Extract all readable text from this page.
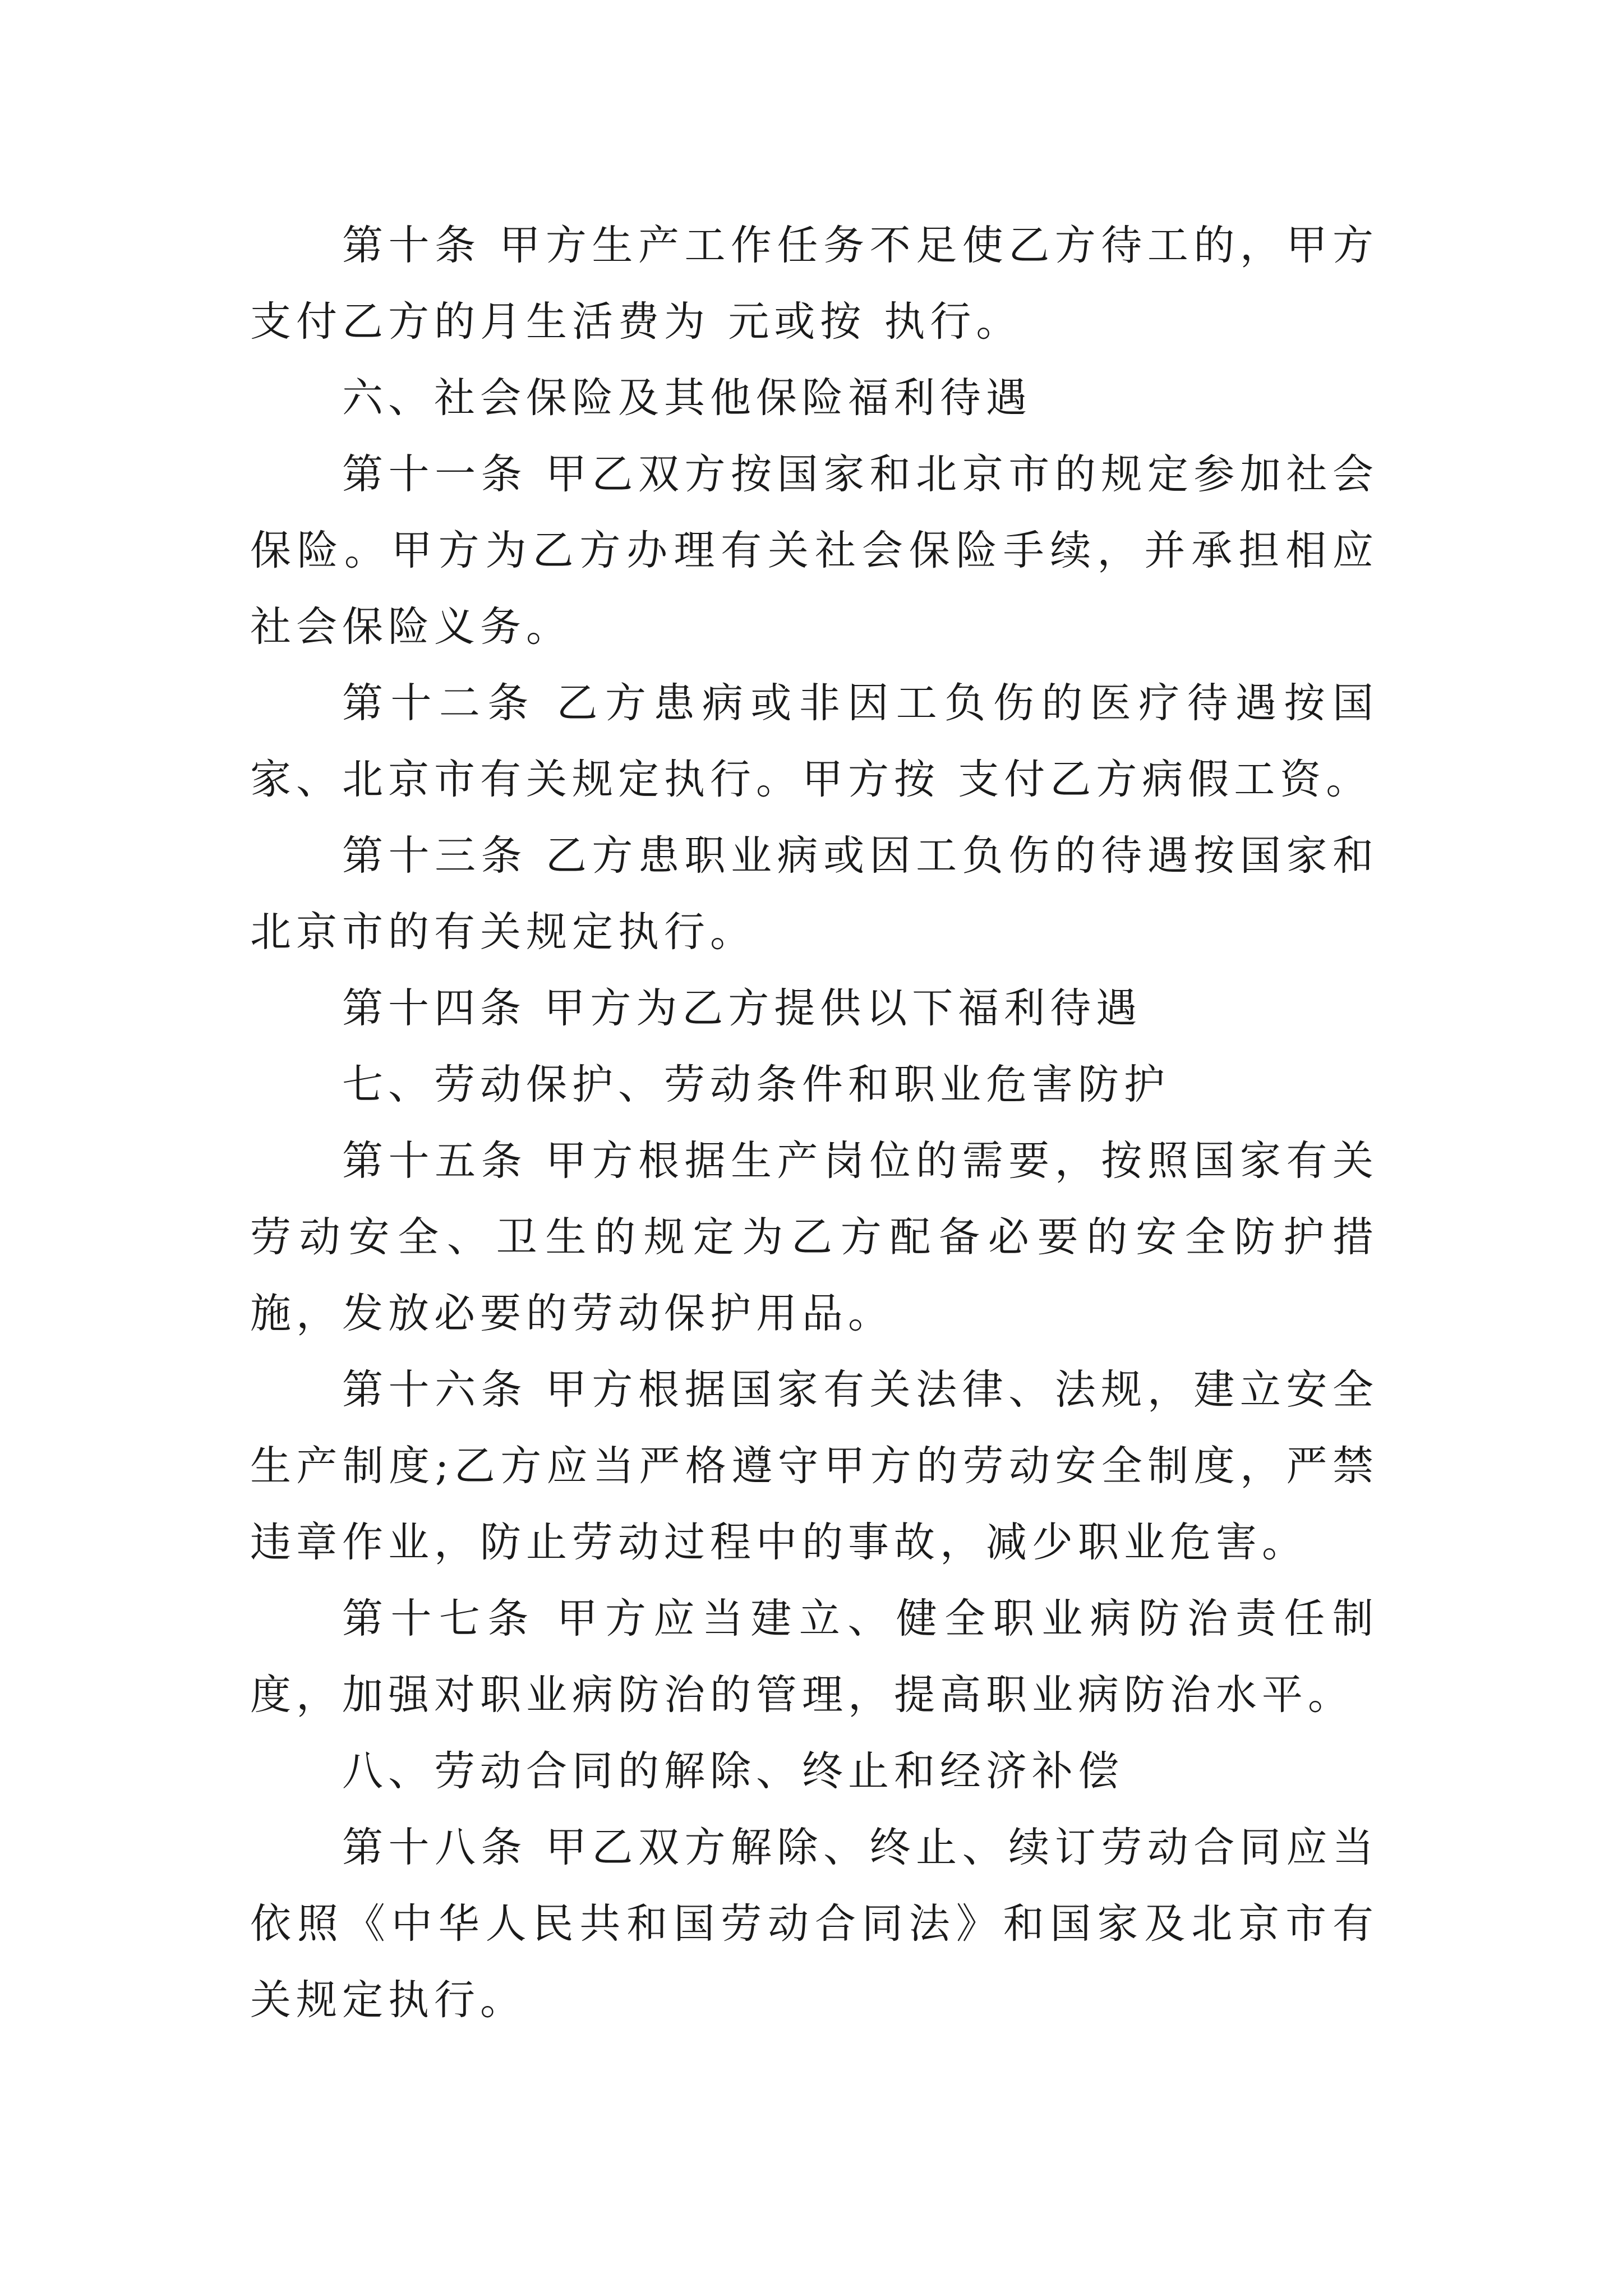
第十条 甲方生产工作任务不足使乙方待工的，甲方支付乙方的月生活费为 元或按 执行。

六、社会保险及其他保险福利待遇

第十一条 甲乙双方按国家和北京市的规定参加社会保险。甲方为乙方办理有关社会保险手续，并承担相应社会保险义务。

第十二条 乙方患病或非因工负伤的医疗待遇按国家、北京市有关规定执行。甲方按 支付乙方病假工资。

第十三条 乙方患职业病或因工负伤的待遇按国家和北京市的有关规定执行。

第十四条 甲方为乙方提供以下福利待遇

七、劳动保护、劳动条件和职业危害防护

第十五条 甲方根据生产岗位的需要，按照国家有关劳动安全、卫生的规定为乙方配备必要的安全防护措施，发放必要的劳动保护用品。

第十六条 甲方根据国家有关法律、法规，建立安全生产制度;乙方应当严格遵守甲方的劳动安全制度，严禁违章作业，防止劳动过程中的事故，减少职业危害。

第十七条 甲方应当建立、健全职业病防治责任制度，加强对职业病防治的管理，提高职业病防治水平。

八、劳动合同的解除、终止和经济补偿

第十八条 甲乙双方解除、终止、续订劳动合同应当依照《中华人民共和国劳动合同法》和国家及北京市有关规定执行。
